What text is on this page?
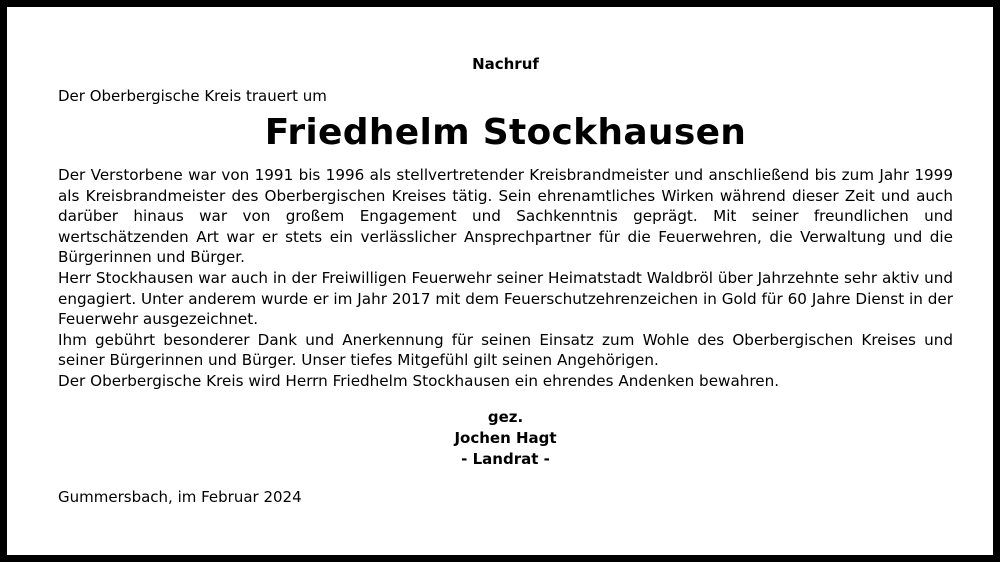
Nachruf
Der Oberbergische Kreis trauert um
Friedhelm Stockhausen

Der Verstorbene war von 1991 bis 1996 als stellvertretender Kreisbrandmeister und anschließend bis zum Jahr 1999 als Kreisbrandmeister des Oberbergischen Kreises tätig. Sein ehrenamtliches Wirken während dieser Zeit und auch darüber hinaus war von großem Engagement und Sachkenntnis geprägt. Mit seiner freundlichen und wertschätzenden Art war er stets ein verlässlicher Ansprechpartner für die Feuerwehren, die Verwaltung und die Bürgerinnen und Bürger.

Herr Stockhausen war auch in der Freiwilligen Feuerwehr seiner Heimatstadt Waldbröl über Jahrzehnte sehr aktiv und engagiert. Unter anderem wurde er im Jahr 2017 mit dem Feuerschutzehrenzeichen in Gold für 60 Jahre Dienst in der Feuerwehr ausgezeichnet.

Ihm gebührt besonderer Dank und Anerkennung für seinen Einsatz zum Wohle des Oberbergischen Kreises und seiner Bürgerinnen und Bürger. Unser tiefes Mitgefühl gilt seinen Angehörigen.

Der Oberbergische Kreis wird Herrn Friedhelm Stockhausen ein ehrendes Andenken bewahren.

gez.
Jochen Hagt
- Landrat -
Gummersbach, im Februar 2024
